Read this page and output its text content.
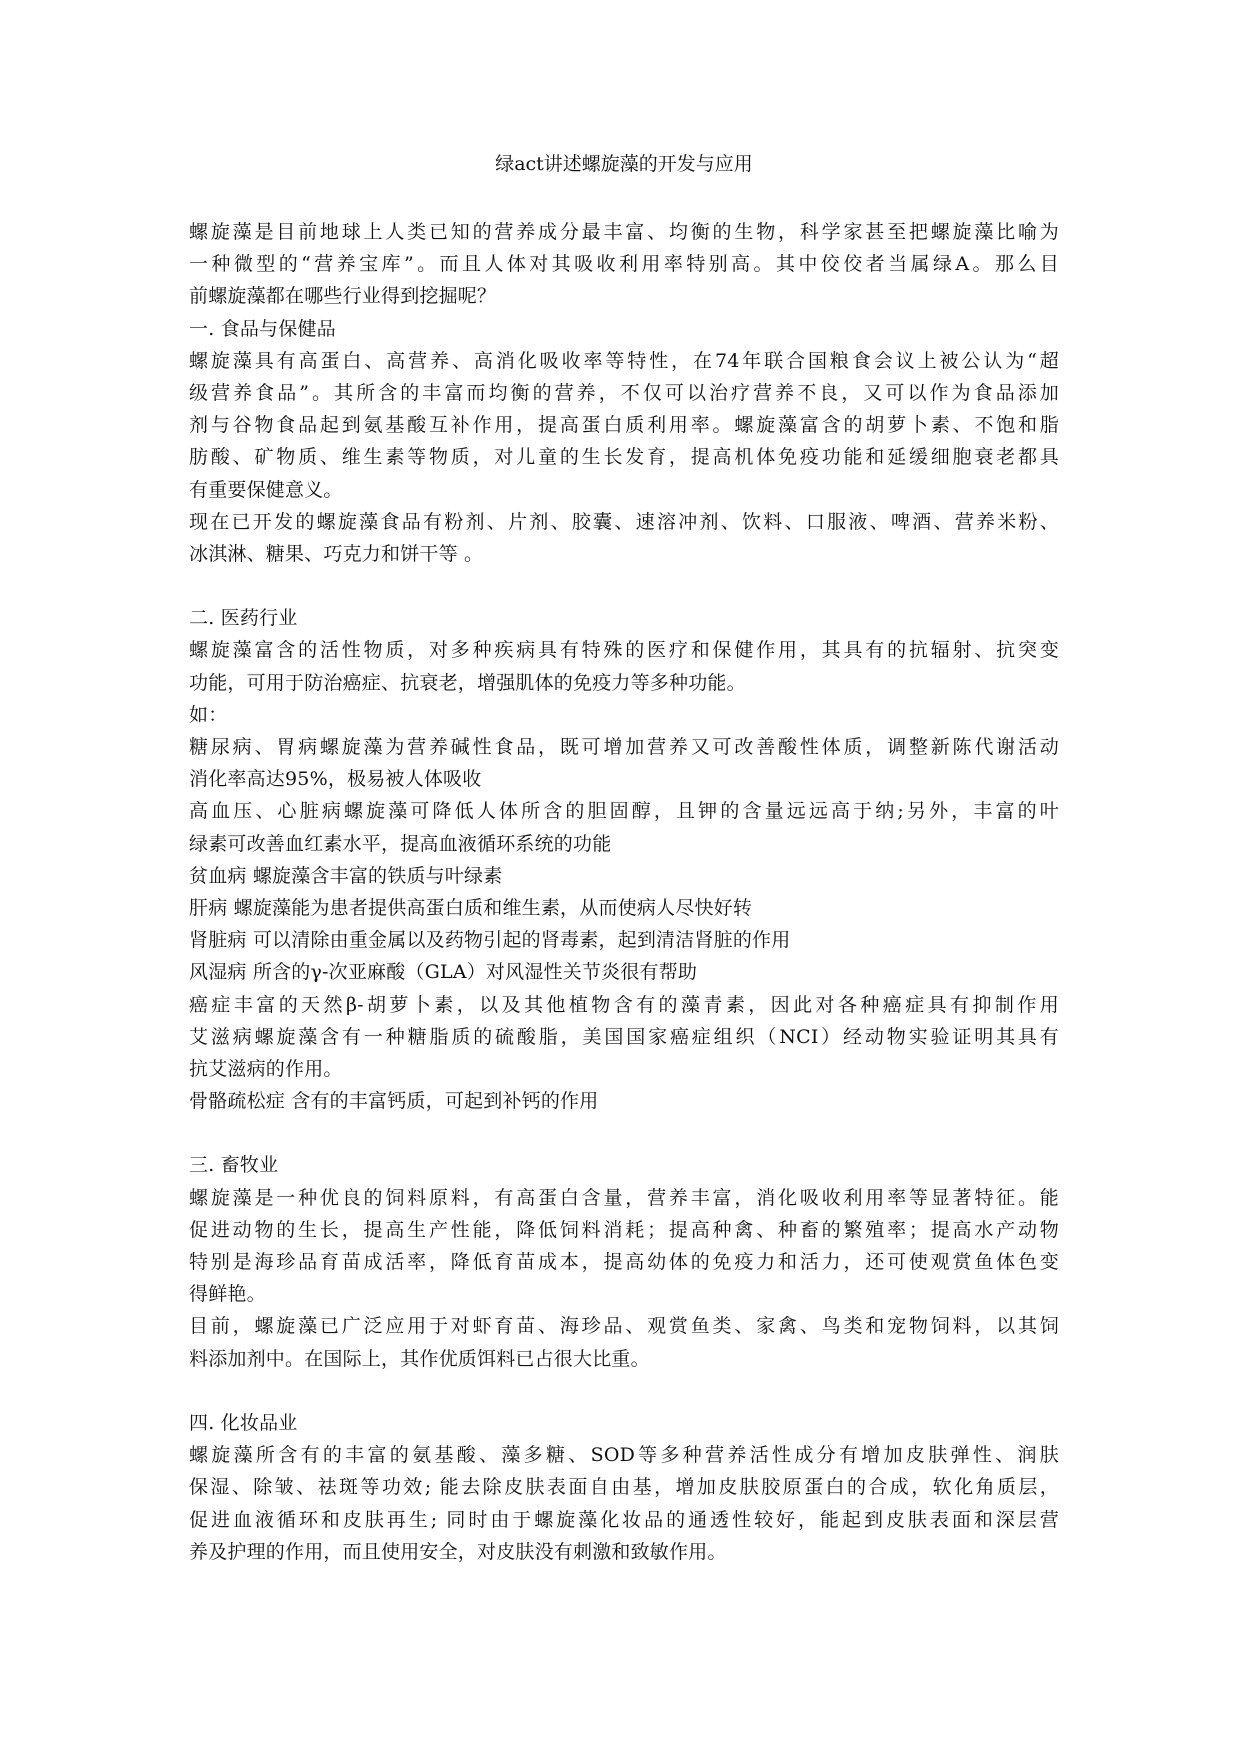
绿act讲述螺旋藻的开发与应用
螺旋藻是目前地球上人类已知的营养成分最丰富、均衡的生物，科学家甚至把螺旋藻比喻为
一种微型的“营养宝库”。而且人体对其吸收利用率特别高。其中佼佼者当属绿A。那么目
前螺旋藻都在哪些行业得到挖掘呢？
一. 食品与保健品
螺旋藻具有高蛋白、高营养、高消化吸收率等特性，在74年联合国粮食会议上被公认为“超
级营养食品”。其所含的丰富而均衡的营养，不仅可以治疗营养不良，又可以作为食品添加
剂与谷物食品起到氨基酸互补作用，提高蛋白质利用率。螺旋藻富含的胡萝卜素、不饱和脂
肪酸、矿物质、维生素等物质，对儿童的生长发育，提高机体免疫功能和延缓细胞衰老都具
有重要保健意义。
现在已开发的螺旋藻食品有粉剂、片剂、胶囊、速溶冲剂、饮料、口服液、啤酒、营养米粉、
冰淇淋、糖果、巧克力和饼干等 。
二. 医药行业
螺旋藻富含的活性物质，对多种疾病具有特殊的医疗和保健作用，其具有的抗辐射、抗突变
功能，可用于防治癌症、抗衰老，增强肌体的免疫力等多种功能。
如：
糖尿病、胃病螺旋藻为营养碱性食品，既可增加营养又可改善酸性体质，调整新陈代谢活动
消化率高达95%，极易被人体吸收
高血压、心脏病螺旋藻可降低人体所含的胆固醇，且钾的含量远远高于纳;另外，丰富的叶
绿素可改善血红素水平，提高血液循环系统的功能
贫血病 螺旋藻含丰富的铁质与叶绿素
肝病 螺旋藻能为患者提供高蛋白质和维生素，从而使病人尽快好转
肾脏病 可以清除由重金属以及药物引起的肾毒素，起到清洁肾脏的作用
风湿病 所含的γ-次亚麻酸（GLA）对风湿性关节炎很有帮助
癌症丰富的天然β-胡萝卜素，以及其他植物含有的藻青素，因此对各种癌症具有抑制作用
艾滋病螺旋藻含有一种糖脂质的硫酸脂，美国国家癌症组织（NCI）经动物实验证明其具有
抗艾滋病的作用。
骨骼疏松症 含有的丰富钙质，可起到补钙的作用
三. 畜牧业
螺旋藻是一种优良的饲料原料，有高蛋白含量，营养丰富，消化吸收利用率等显著特征。能
促进动物的生长，提高生产性能，降低饲料消耗；提高种禽、种畜的繁殖率；提高水产动物
特别是海珍品育苗成活率，降低育苗成本，提高幼体的免疫力和活力，还可使观赏鱼体色变
得鲜艳。
目前，螺旋藻已广泛应用于对虾育苗、海珍品、观赏鱼类、家禽、鸟类和宠物饲料，以其饲
料添加剂中。在国际上，其作优质饵料已占很大比重。
四. 化妆品业
螺旋藻所含有的丰富的氨基酸、藻多糖、SOD等多种营养活性成分有增加皮肤弹性、润肤
保湿、除皱、祛斑等功效; 能去除皮肤表面自由基，增加皮肤胶原蛋白的合成，软化角质层，
促进血液循环和皮肤再生; 同时由于螺旋藻化妆品的通透性较好，能起到皮肤表面和深层营
养及护理的作用，而且使用安全，对皮肤没有刺激和致敏作用。
